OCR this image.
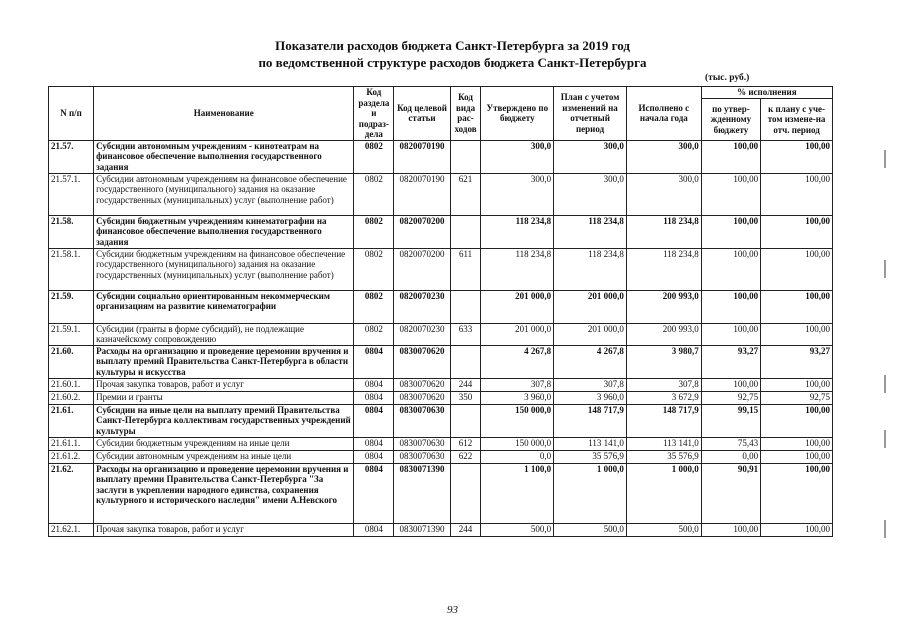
Показатели расходов бюджета Санкт-Петербурга за 2019 год
по ведомственной структуре расходов бюджета Санкт-Петербурга
(тыс. руб.)
N п/п	Наименование	Код раздела и подраз-дела	Код целевой статьи	Код вида рас-ходов	Утверждено по бюджету	План с учетом изменений на отчетный период	Исполнено с начала года	% исполнения	
								по утвер-жденному бюджету	к плану с уче-том измене-на отч. период
21.57.	Субсидии автономным учреждениям - кинотеатрам на финансовое обеспечение выполнения государственного задания	0802	0820070190		300,0	300,0	300,0	100,00	100,00
21.57.1.	Субсидии автономным учреждениям на финансовое обеспечение государственного (муниципального) задания на оказание государственных (муниципальных) услуг (выполнение работ)	0802	0820070190	621	300,0	300,0	300,0	100,00	100,00
21.58.	Субсидии бюджетным учреждениям кинематографии на финансовое обеспечение выполнения государственного задания	0802	0820070200		118 234,8	118 234,8	118 234,8	100,00	100,00
21.58.1.	Субсидии бюджетным учреждениям на финансовое обеспечение государственного (муниципального) задания на оказание государственных (муниципальных) услуг (выполнение работ)	0802	0820070200	611	118 234,8	118 234,8	118 234,8	100,00	100,00
21.59.	Субсидии социально ориентированным некоммерческим организациям на развитие кинематографии	0802	0820070230		201 000,0	201 000,0	200 993,0	100,00	100,00
21.59.1.	Субсидии (гранты в форме субсидий), не подлежащие казначейскому сопровождению	0802	0820070230	633	201 000,0	201 000,0	200 993,0	100,00	100,00
21.60.	Расходы на организацию и проведение церемонии вручения и выплату премий Правительства Санкт-Петербурга в области культуры и искусства	0804	0830070620		4 267,8	4 267,8	3 980,7	93,27	93,27
21.60.1.	Прочая закупка товаров, работ и услуг	0804	0830070620	244	307,8	307,8	307,8	100,00	100,00
21.60.2.	Премии и гранты	0804	0830070620	350	3 960,0	3 960,0	3 672,9	92,75	92,75
21.61.	Субсидии на иные цели на выплату премий Правительства Санкт-Петербурга коллективам государственных учреждений культуры	0804	0830070630		150 000,0	148 717,9	148 717,9	99,15	100,00
21.61.1.	Субсидии бюджетным учреждениям на иные цели	0804	0830070630	612	150 000,0	113 141,0	113 141,0	75,43	100,00
21.61.2.	Субсидии автономным учреждениям на иные цели	0804	0830070630	622	0,0	35 576,9	35 576,9	0,00	100,00
21.62.	Расходы на организацию и проведение церемонии вручения и выплату премии Правительства Санкт-Петербурга "За заслуги в укреплении народного единства, сохранения культурного и исторического наследия" имени А.Невского	0804	0830071390		1 100,0	1 000,0	1 000,0	90,91	100,00
21.62.1.	Прочая закупка товаров, работ и услуг	0804	0830071390	244	500,0	500,0	500,0	100,00	100,00
93
